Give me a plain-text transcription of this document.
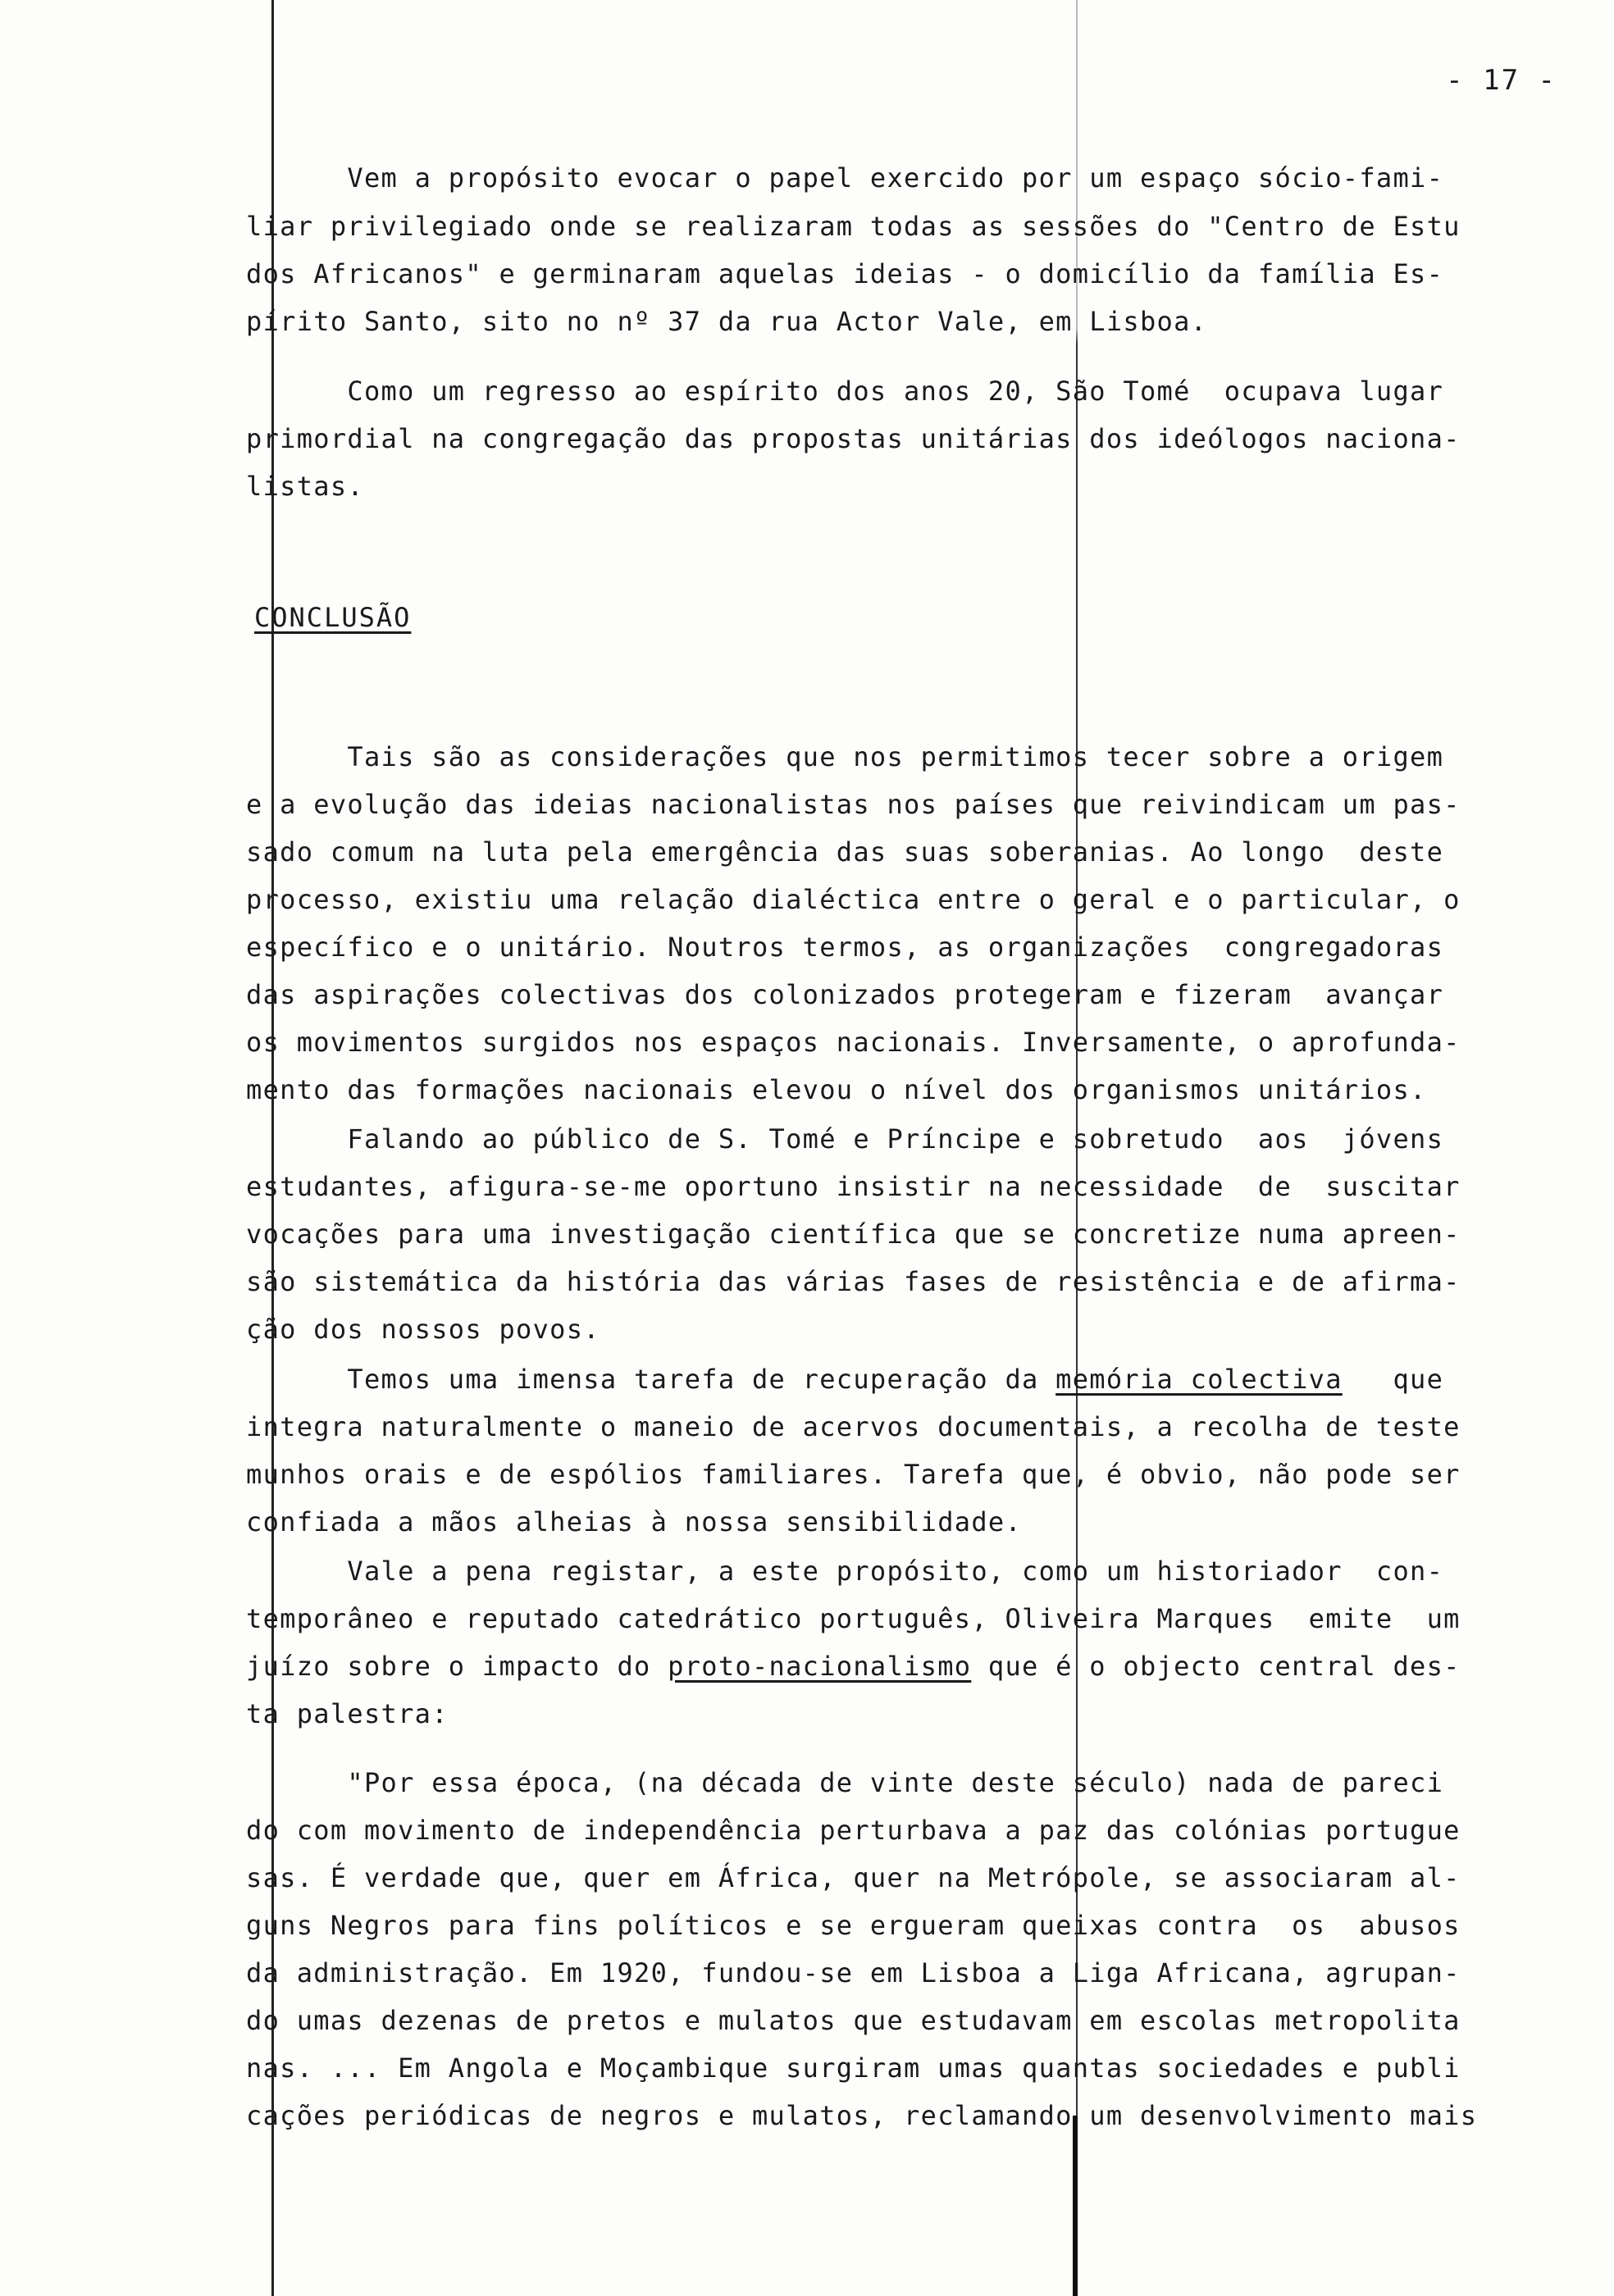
- 17 -
Vem a propósito evocar o papel exercido por um espaço sócio-fami-
liar privilegiado onde se realizaram todas as sessões do "Centro de Estu
dos Africanos" e germinaram aquelas ideias - o domicílio da família Es-
pírito Santo, sito no nº 37 da rua Actor Vale, em Lisboa.
Como um regresso ao espírito dos anos 20, São Tomé  ocupava lugar
primordial na congregação das propostas unitárias dos ideólogos naciona-
listas.
CONCLUSÃO
Tais são as considerações que nos permitimos tecer sobre a origem
e a evolução das ideias nacionalistas nos países que reivindicam um pas-
sado comum na luta pela emergência das suas soberanias. Ao longo  deste
processo, existiu uma relação dialéctica entre o geral e o particular, o
específico e o unitário. Noutros termos, as organizações  congregadoras
das aspirações colectivas dos colonizados protegeram e fizeram  avançar
os movimentos surgidos nos espaços nacionais. Inversamente, o aprofunda-
mento das formações nacionais elevou o nível dos organismos unitários.
Falando ao público de S. Tomé e Príncipe e sobretudo  aos  jóvens
estudantes, afigura-se-me oportuno insistir na necessidade  de  suscitar
vocações para uma investigação científica que se concretize numa apreen-
são sistemática da história das várias fases de resistência e de afirma-
ção dos nossos povos.
Temos uma imensa tarefa de recuperação da memória colectiva   que
integra naturalmente o maneio de acervos documentais, a recolha de teste
munhos orais e de espólios familiares. Tarefa que, é obvio, não pode ser
confiada a mãos alheias à nossa sensibilidade.
Vale a pena registar, a este propósito, como um historiador  con-
temporâneo e reputado catedrático português, Oliveira Marques  emite  um
juízo sobre o impacto do proto-nacionalismo que é o objecto central des-
ta palestra:
"Por essa época, (na década de vinte deste século) nada de pareci
do com movimento de independência perturbava a paz das colónias portugue
sas. É verdade que, quer em África, quer na Metrópole, se associaram al-
guns Negros para fins políticos e se ergueram queixas contra  os  abusos
da administração. Em 1920, fundou-se em Lisboa a Liga Africana, agrupan-
do umas dezenas de pretos e mulatos que estudavam em escolas metropolita
nas. ... Em Angola e Moçambique surgiram umas quantas sociedades e publi
cações periódicas de negros e mulatos, reclamando um desenvolvimento mais
